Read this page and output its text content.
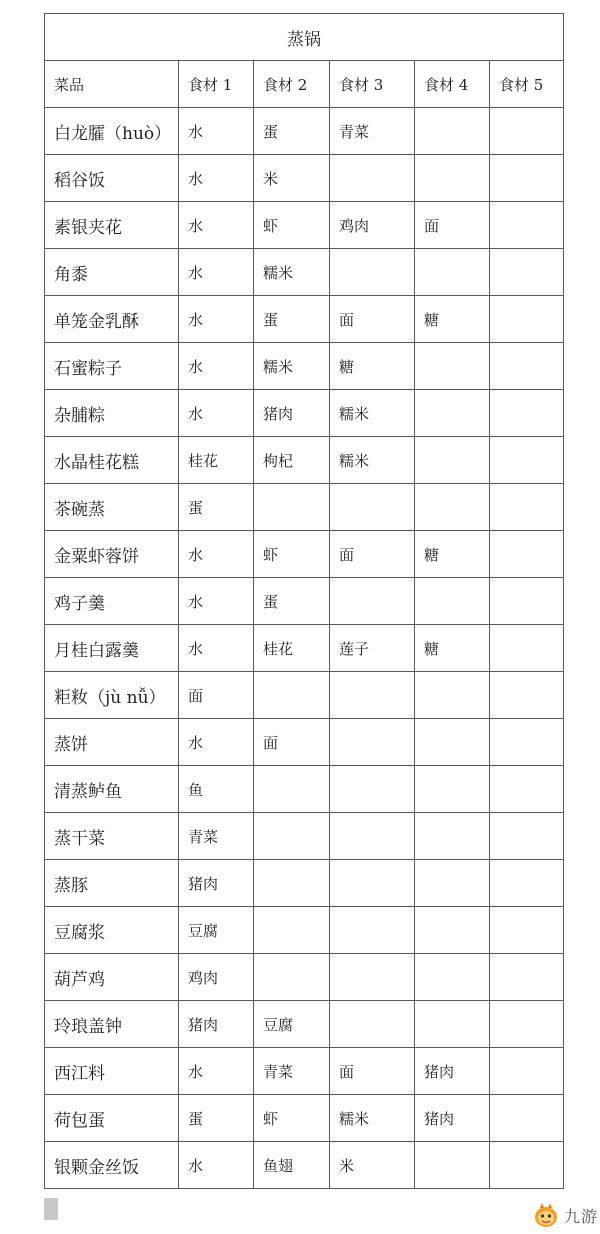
蒸锅					
菜品	食材 1	食材 2	食材 3	食材 4	食材 5
白龙臛（huò）	水	蛋	青菜		
稻谷饭	水	米			
素银夹花	水	虾	鸡肉	面	
角黍	水	糯米			
单笼金乳酥	水	蛋	面	糖	
石蜜粽子	水	糯米	糖		
杂脯粽	水	猪肉	糯米		
水晶桂花糕	桂花	枸杞	糯米		
茶碗蒸	蛋				
金粟虾蓉饼	水	虾	面	糖	
鸡子羹	水	蛋			
月桂白露羹	水	桂花	莲子	糖	
粔籹（jù nǚ）	面				
蒸饼	水	面			
清蒸鲈鱼	鱼				
蒸干菜	青菜				
蒸豚	猪肉				
豆腐浆	豆腐				
葫芦鸡	鸡肉				
玲琅盖钟	猪肉	豆腐			
西江料	水	青菜	面	猪肉	
荷包蛋	蛋	虾	糯米	猪肉	
银颗金丝饭	水	鱼翅	米		
九游
